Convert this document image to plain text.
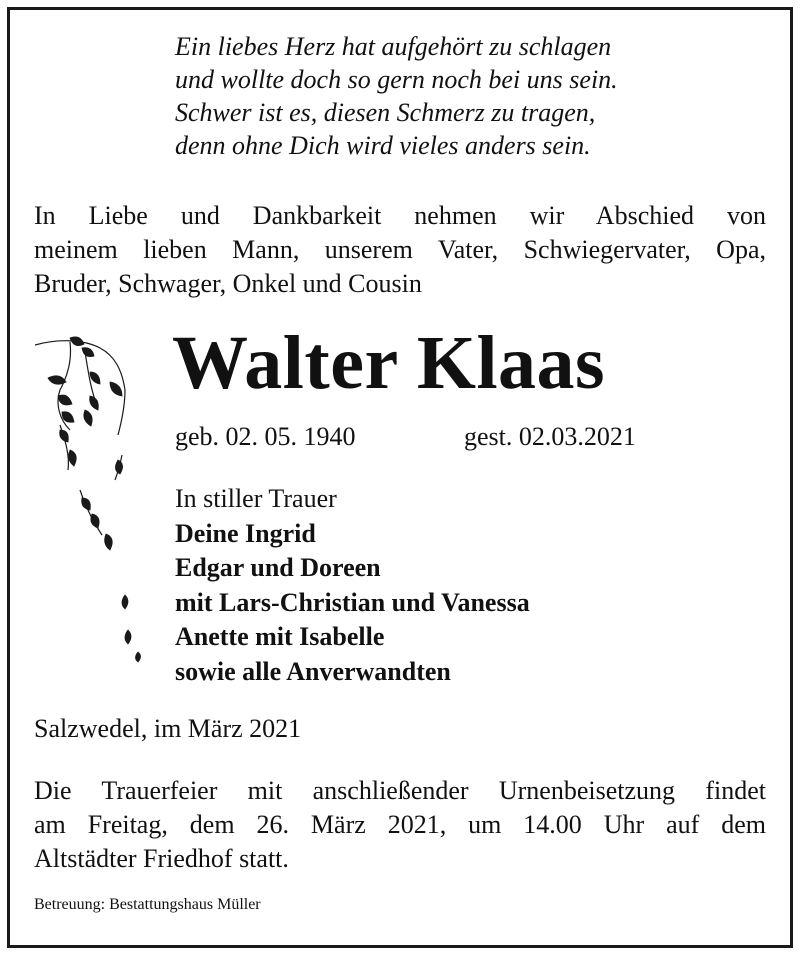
Ein liebes Herz hat aufgehört zu schlagen
und wollte doch so gern noch bei uns sein.
Schwer ist es, diesen Schmerz zu tragen,
denn ohne Dich wird vieles anders sein.
In Liebe und Dankbarkeit nehmen wir Abschied von
meinem lieben Mann, unserem Vater, Schwiegervater, Opa,
Bruder, Schwager, Onkel und Cousin
Walter Klaas
geb. 02. 05. 1940	gest. 02.03.2021
In stiller Trauer
Deine Ingrid
Edgar und Doreen
mit Lars-Christian und Vanessa
Anette mit Isabelle
sowie alle Anverwandten
Salzwedel, im März 2021
Die Trauerfeier mit anschließender Urnenbeisetzung findet
am Freitag, dem 26. März 2021, um 14.00 Uhr auf dem
Altstädter Friedhof statt.
Betreuung: Bestattungshaus Müller
